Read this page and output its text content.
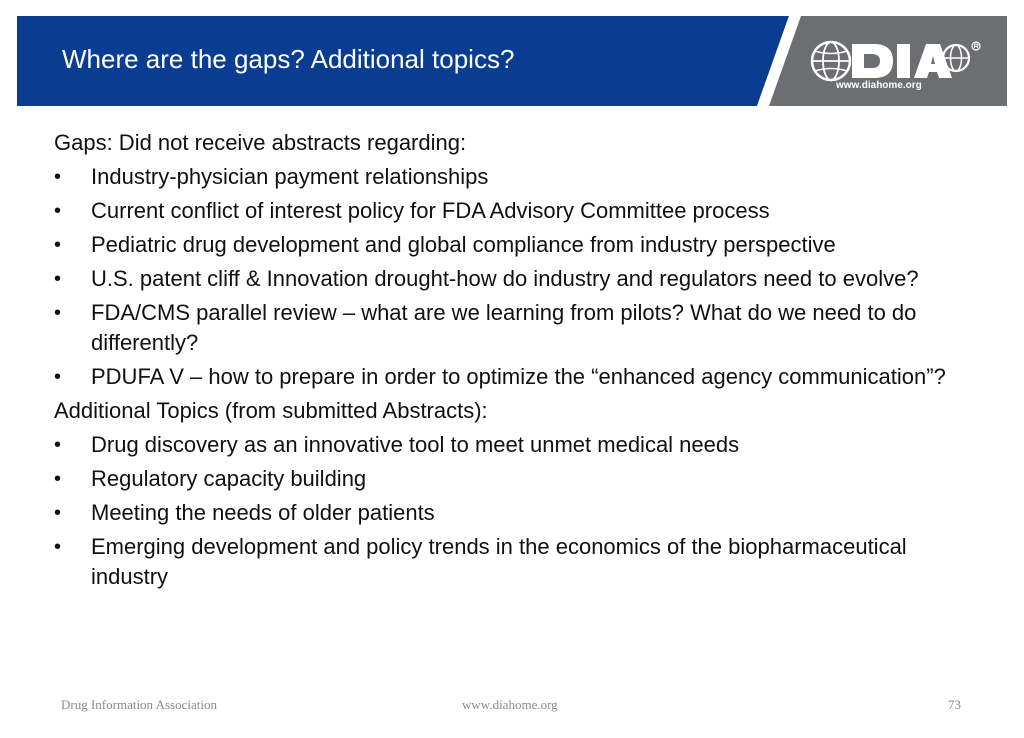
Where are the gaps? Additional topics?
www.diahome.org
Gaps: Did not receive abstracts regarding:
• Industry-physician payment relationships
• Current conflict of interest policy for FDA Advisory Committee process
• Pediatric drug development and global compliance from industry perspective
• U.S. patent cliff & Innovation drought-how do industry and regulators need to evolve?
• FDA/CMS parallel review – what are we learning from pilots? What do we need to do differently?
• PDUFA V – how to prepare in order to optimize the “enhanced agency communication”?
Additional Topics (from submitted Abstracts):
• Drug discovery as an innovative tool to meet unmet medical needs
• Regulatory capacity building
• Meeting the needs of older patients
• Emerging development and policy trends in the economics of the biopharmaceutical industry
Drug Information Association	www.diahome.org	73
